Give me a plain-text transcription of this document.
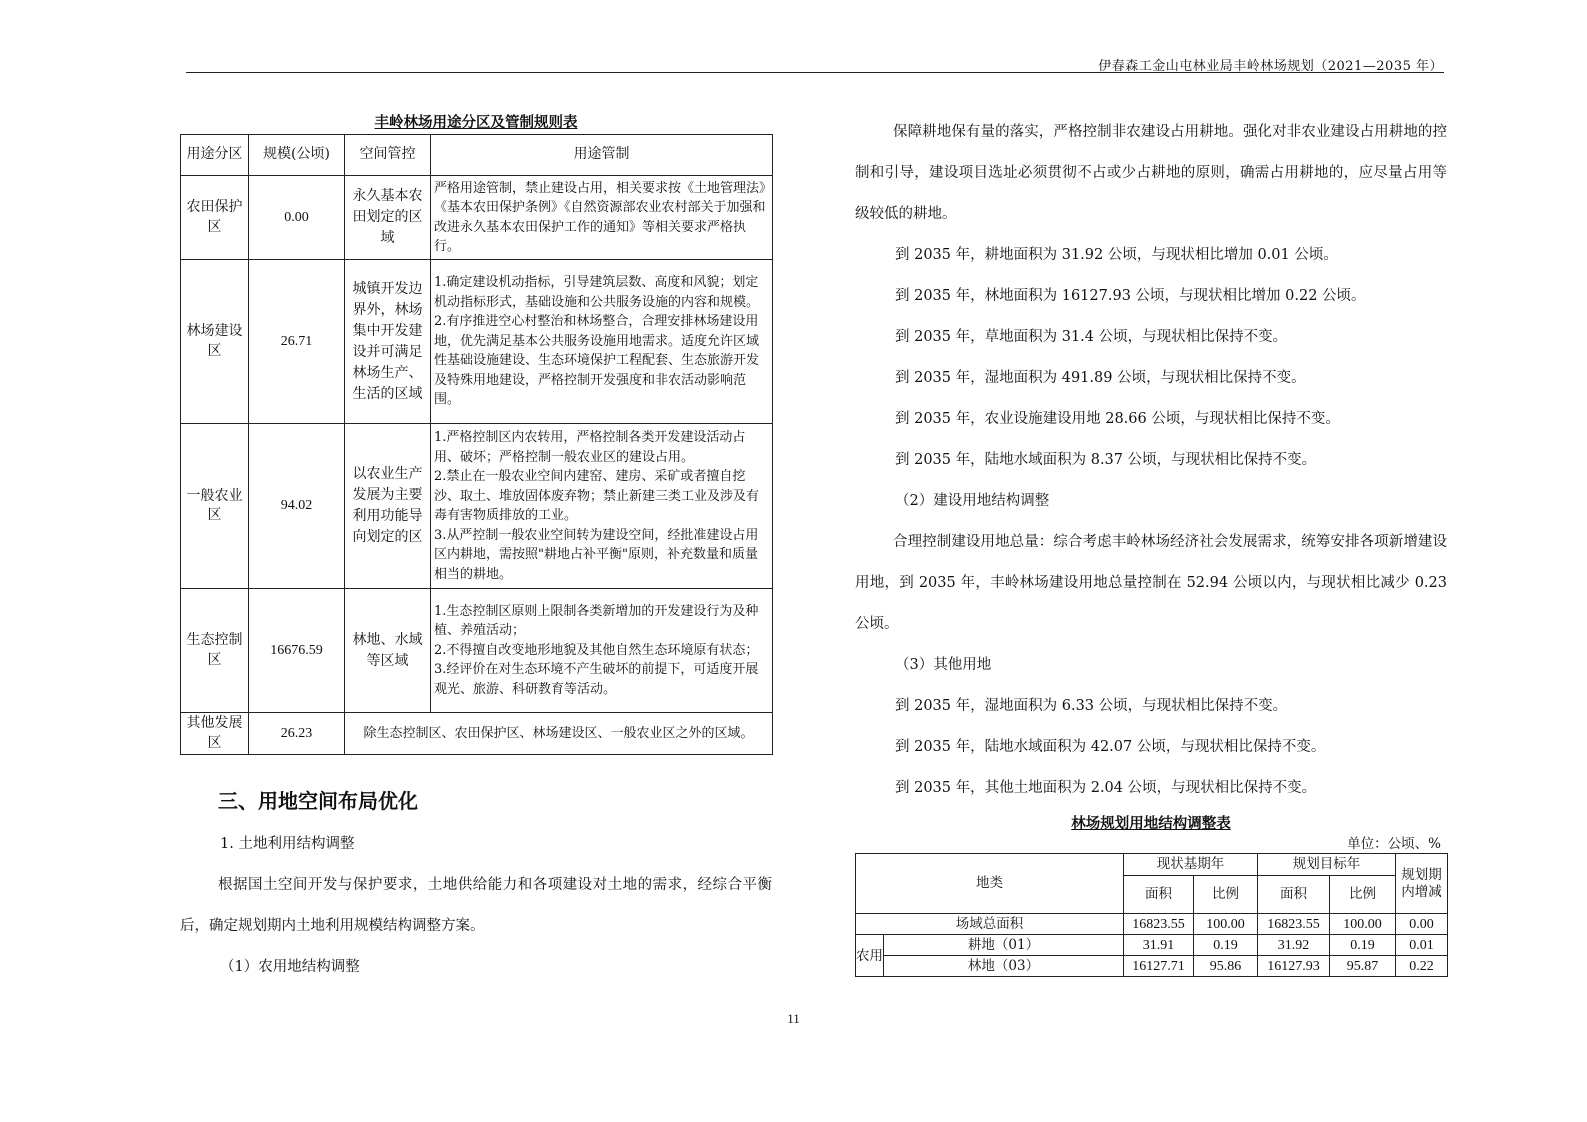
伊春森工金山屯林业局丰岭林场规划（2021—2035 年）
丰岭林场用途分区及管制规则表
用途分区	规模(公顷)	空间管控	用途管制
农田保护区	0.00	永久基本农田划定的区域	严格用途管制，禁止建设占用，相关要求按《土地管理法》《基本农田保护条例》《自然资源部农业农村部关于加强和改进永久基本农田保护工作的通知》等相关要求严格执行。

林场建设区	26.71	城镇开发边界外，林场集中开发建设并可满足林场生产、生活的区域	1.确定建设机动指标，引导建筑层数、高度和风貌；划定机动指标形式，基础设施和公共服务设施的内容和规模。

2.有序推进空心村整治和林场整合，合理安排林场建设用地，优先满足基本公共服务设施用地需求。适度允许区域性基础设施建设、生态环境保护工程配套、生态旅游开发及特殊用地建设，严格控制开发强度和非农活动影响范围。

一般农业区	94.02	以农业生产发展为主要 利用功能导向划定的区	1.严格控制区内农转用，严格控制各类开发建设活动占用、破坏；严格控制一般农业区的建设占用。

2.禁止在一般农业空间内建窑、建房、采矿或者擅自挖沙、取土、堆放固体废弃物；禁止新建三类工业及涉及有毒有害物质排放的工业。

3.从严控制一般农业空间转为建设空间，经批准建设占用区内耕地，需按照"耕地占补平衡"原则，补充数量和质量相当的耕地。

生态控制区	16676.59	林地、水域等区域	1.生态控制区原则上限制各类新增加的开发建设行为及种植、养殖活动；

2.不得擅自改变地形地貌及其他自然生态环境原有状态；

3.经评价在对生态环境不产生破坏的前提下，可适度开展观光、旅游、科研教育等活动。

其他发展区	26.23	除生态控制区、农田保护区、林场建设区、一般农业区之外的区域。	

三、用地空间布局优化

1. 土地利用结构调整

根据国土空间开发与保护要求，土地供给能力和各项建设对土地的需求，经综合平衡后，确定规划期内土地利用规模结构调整方案。

（1）农用地结构调整

保障耕地保有量的落实，严格控制非农建设占用耕地。强化对非农业建设占用耕地的控制和引导，建设项目选址必须贯彻不占或少占耕地的原则，确需占用耕地的，应尽量占用等级较低的耕地。

到 2035 年，耕地面积为 31.92 公顷，与现状相比增加 0.01 公顷。

到 2035 年，林地面积为 16127.93 公顷，与现状相比增加 0.22 公顷。

到 2035 年，草地面积为 31.4 公顷，与现状相比保持不变。

到 2035 年，湿地面积为 491.89 公顷，与现状相比保持不变。

到 2035 年，农业设施建设用地 28.66 公顷，与现状相比保持不变。

到 2035 年，陆地水域面积为 8.37 公顷，与现状相比保持不变。

（2）建设用地结构调整

合理控制建设用地总量：综合考虑丰岭林场经济社会发展需求，统筹安排各项新增建设用地，到 2035 年，丰岭林场建设用地总量控制在 52.94 公顷以内，与现状相比减少 0.23 公顷。

（3）其他用地

到 2035 年，湿地面积为 6.33 公顷，与现状相比保持不变。

到 2035 年，陆地水域面积为 42.07 公顷，与现状相比保持不变。

到 2035 年，其他土地面积为 2.04 公顷，与现状相比保持不变。

林场规划用地结构调整表
单位：公顷、%
地类		现状基期年		规划目标年		规划期内增减
		面积	比例	面积	比例	
场域总面积		16823.55	100.00	16823.55	100.00	0.00
农用	耕地（01）	31.91	0.19	31.92	0.19	0.01
	林地（03）	16127.71	95.86	16127.93	95.87	0.22
11
